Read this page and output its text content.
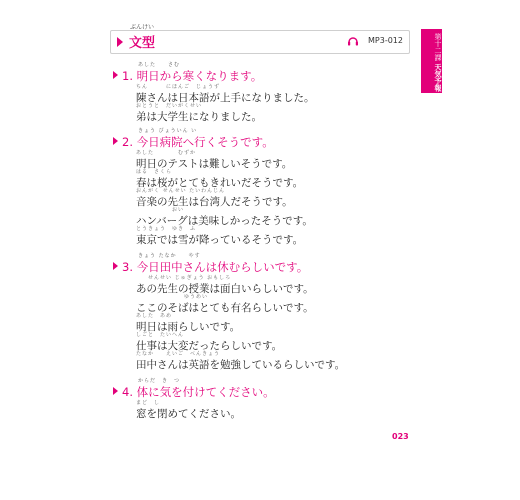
ぶんけい
文型	MP3-012	第十二課 天気予報
あした　　さむ
1. 明日から寒くなります。
ちん　　　にほんご　じょうず
陳さんは日本語が上手になりました。
おとうと　だいがくせい
弟は大学生になりました。
きょう びょういん い
2. 今日病院へ行くそうです。
あした　　　　むずか
明日のテストは難しいそうです。
はる　さくら
春は桜がとてもきれいだそうです。
おんがく せんせい たいわんじん
音楽の先生は台湾人だそうです。
　　　　　　おい
ハンバーグは美味しかったそうです。
とうきょう　ゆき　ふ
東京では雪が降っているそうです。
きょう たなか　　やす
3. 今日田中さんは休むらしいです。
　　せんせい じゅぎょう おもしろ
あの先生の授業は面白いらしいです。
　　　　　　　　ゆうめい
ここのそばはとても有名らしいです。
あした　あめ
明日は雨らしいです。
しごと　たいへん
仕事は大変だったらしいです。
たなか　　えいご　べんきょう
田中さんは英語を勉強しているらしいです。
からだ　き　つ
4. 体に気を付けてください。
まど　し
窓を閉めてください。
023
